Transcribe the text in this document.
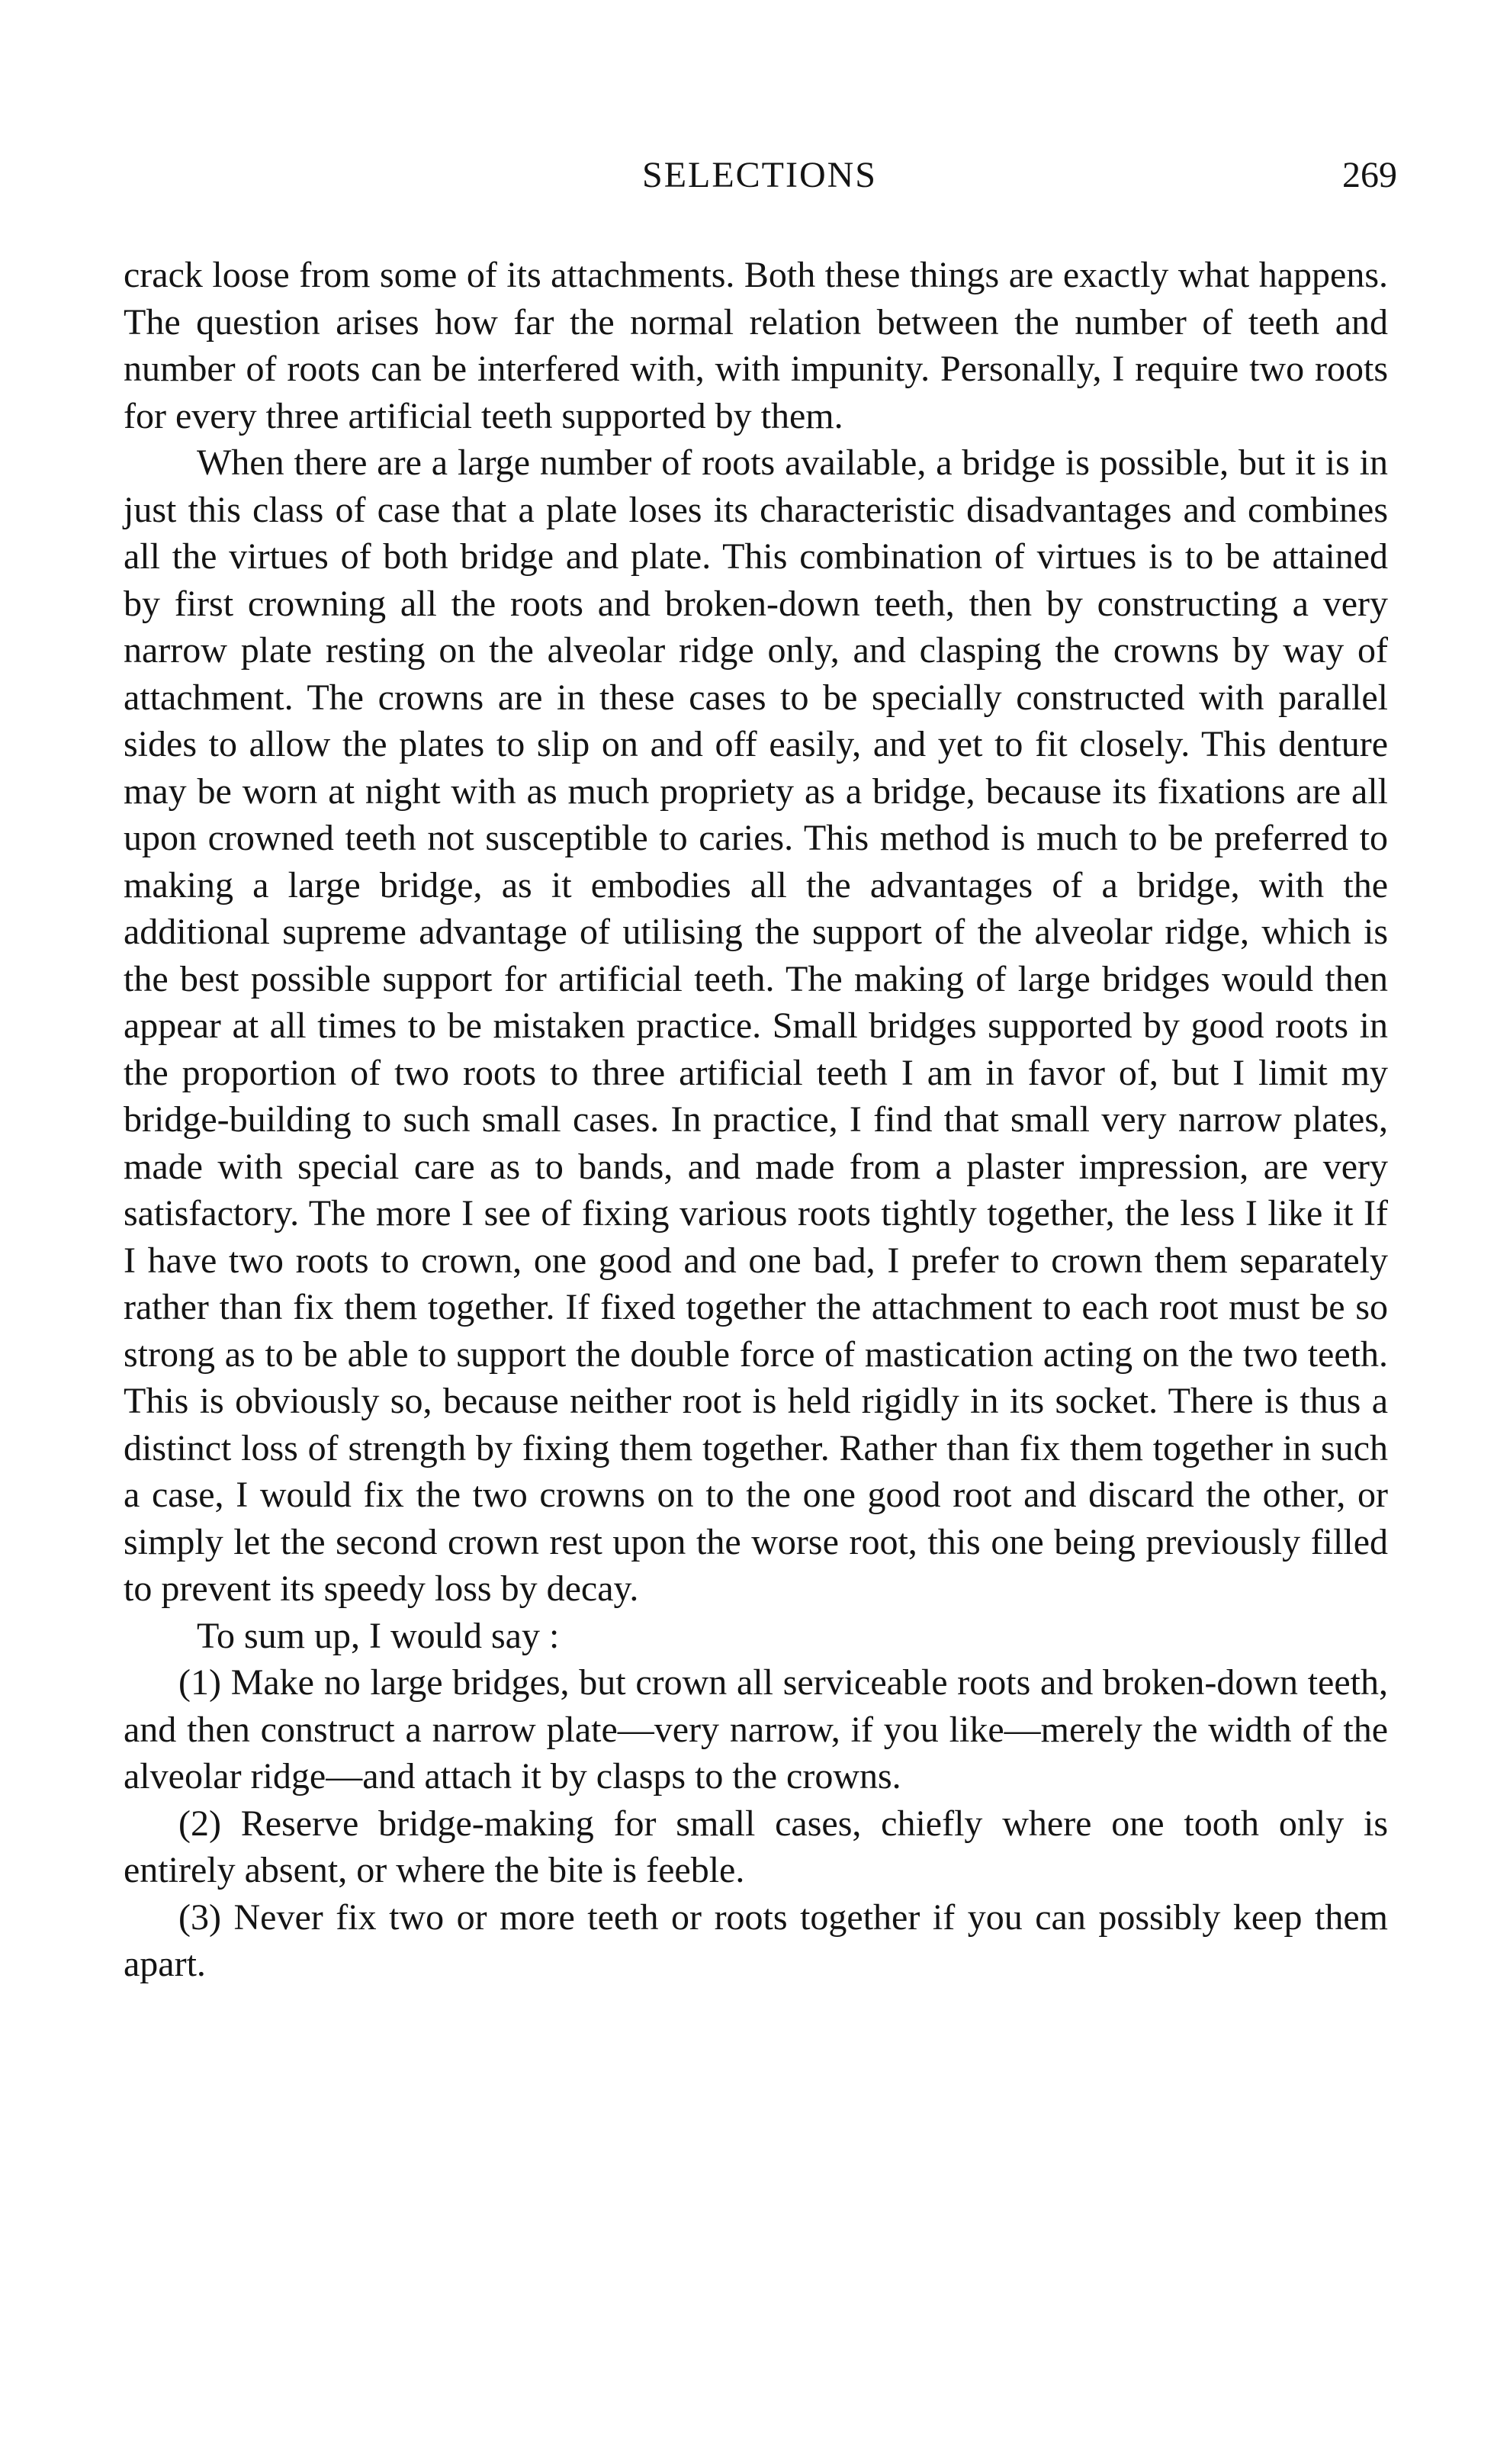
SELECTIONS	269

crack loose from some of its attachments. Both these things are exactly what happens. The question arises how far the normal relation between the number of teeth and number of roots can be interfered with, with impunity. Personally, I require two roots for every three artificial teeth supported by them.

When there are a large number of roots available, a bridge is possible, but it is in just this class of case that a plate loses its characteristic disadvantages and combines all the virtues of both bridge and plate. This combination of virtues is to be attained by first crowning all the roots and broken-down teeth, then by constructing a very narrow plate resting on the alveolar ridge only, and clasping the crowns by way of attachment. The crowns are in these cases to be specially constructed with parallel sides to allow the plates to slip on and off easily, and yet to fit closely. This denture may be worn at night with as much propriety as a bridge, because its fixations are all upon crowned teeth not susceptible to caries. This method is much to be preferred to making a large bridge, as it embodies all the advantages of a bridge, with the additional supreme advantage of utilising the support of the alveolar ridge, which is the best possible support for artificial teeth. The making of large bridges would then appear at all times to be mistaken practice. Small bridges supported by good roots in the proportion of two roots to three artificial teeth I am in favor of, but I limit my bridge-building to such small cases. In practice, I find that small very narrow plates, made with special care as to bands, and made from a plaster impression, are very satisfactory. The more I see of fixing various roots tightly together, the less I like it If I have two roots to crown, one good and one bad, I prefer to crown them separately rather than fix them together. If fixed together the attachment to each root must be so strong as to be able to support the double force of mastication acting on the two teeth. This is obviously so, because neither root is held rigidly in its socket. There is thus a distinct loss of strength by fixing them together. Rather than fix them together in such a case, I would fix the two crowns on to the one good root and discard the other, or simply let the second crown rest upon the worse root, this one being previously filled to prevent its speedy loss by decay.

To sum up, I would say :

(1) Make no large bridges, but crown all serviceable roots and broken-down teeth, and then construct a narrow plate—very narrow, if you like—merely the width of the alveolar ridge—and attach it by clasps to the crowns.

(2) Reserve bridge-making for small cases, chiefly where one tooth only is entirely absent, or where the bite is feeble.

(3) Never fix two or more teeth or roots together if you can possibly keep them apart.
